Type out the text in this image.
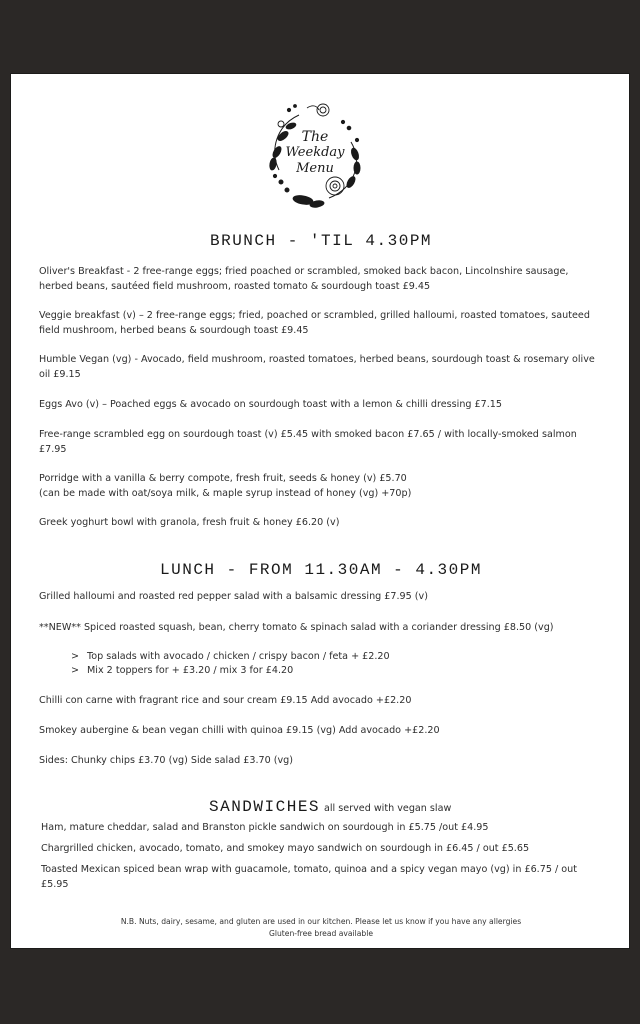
The
Weekday
Menu
BRUNCH - 'TIL 4.30PM
Oliver's Breakfast - 2 free-range eggs; fried poached or scrambled, smoked back bacon, Lincolnshire sausage, herbed beans, sautéed field mushroom, roasted tomato & sourdough toast £9.45
Veggie breakfast (v) – 2 free-range eggs; fried, poached or scrambled, grilled halloumi, roasted tomatoes, sauteed field mushroom, herbed beans & sourdough toast £9.45
Humble Vegan (vg) - Avocado, field mushroom, roasted tomatoes, herbed beans, sourdough toast & rosemary olive oil £9.15
Eggs Avo (v) – Poached eggs & avocado on sourdough toast with a lemon & chilli dressing £7.15
Free-range scrambled egg on sourdough toast (v) £5.45 with smoked bacon £7.65 / with locally-smoked salmon £7.95
Porridge with a vanilla & berry compote, fresh fruit, seeds & honey (v) £5.70
(can be made with oat/soya milk, & maple syrup instead of honey (vg) +70p)
Greek yoghurt bowl with granola, fresh fruit & honey £6.20 (v)
LUNCH - FROM 11.30AM - 4.30PM
Grilled halloumi and roasted red pepper salad with a balsamic dressing £7.95 (v)
**NEW** Spiced roasted squash, bean, cherry tomato & spinach salad with a coriander dressing £8.50 (vg)
> Top salads with avocado / chicken / crispy bacon / feta + £2.20
> Mix 2 toppers for + £3.20 / mix 3 for £4.20
Chilli con carne with fragrant rice and sour cream £9.15 Add avocado +£2.20
Smokey aubergine & bean vegan chilli with quinoa £9.15 (vg) Add avocado +£2.20
Sides: Chunky chips £3.70 (vg) Side salad £3.70 (vg)
SANDWICHES all served with vegan slaw
Ham, mature cheddar, salad and Branston pickle sandwich on sourdough in £5.75 /out £4.95
Chargrilled chicken, avocado, tomato, and smokey mayo sandwich on sourdough in £6.45 / out £5.65
Toasted Mexican spiced bean wrap with guacamole, tomato, quinoa and a spicy vegan mayo (vg) in £6.75 / out £5.95
N.B. Nuts, dairy, sesame, and gluten are used in our kitchen. Please let us know if you have any allergies
Gluten-free bread available
